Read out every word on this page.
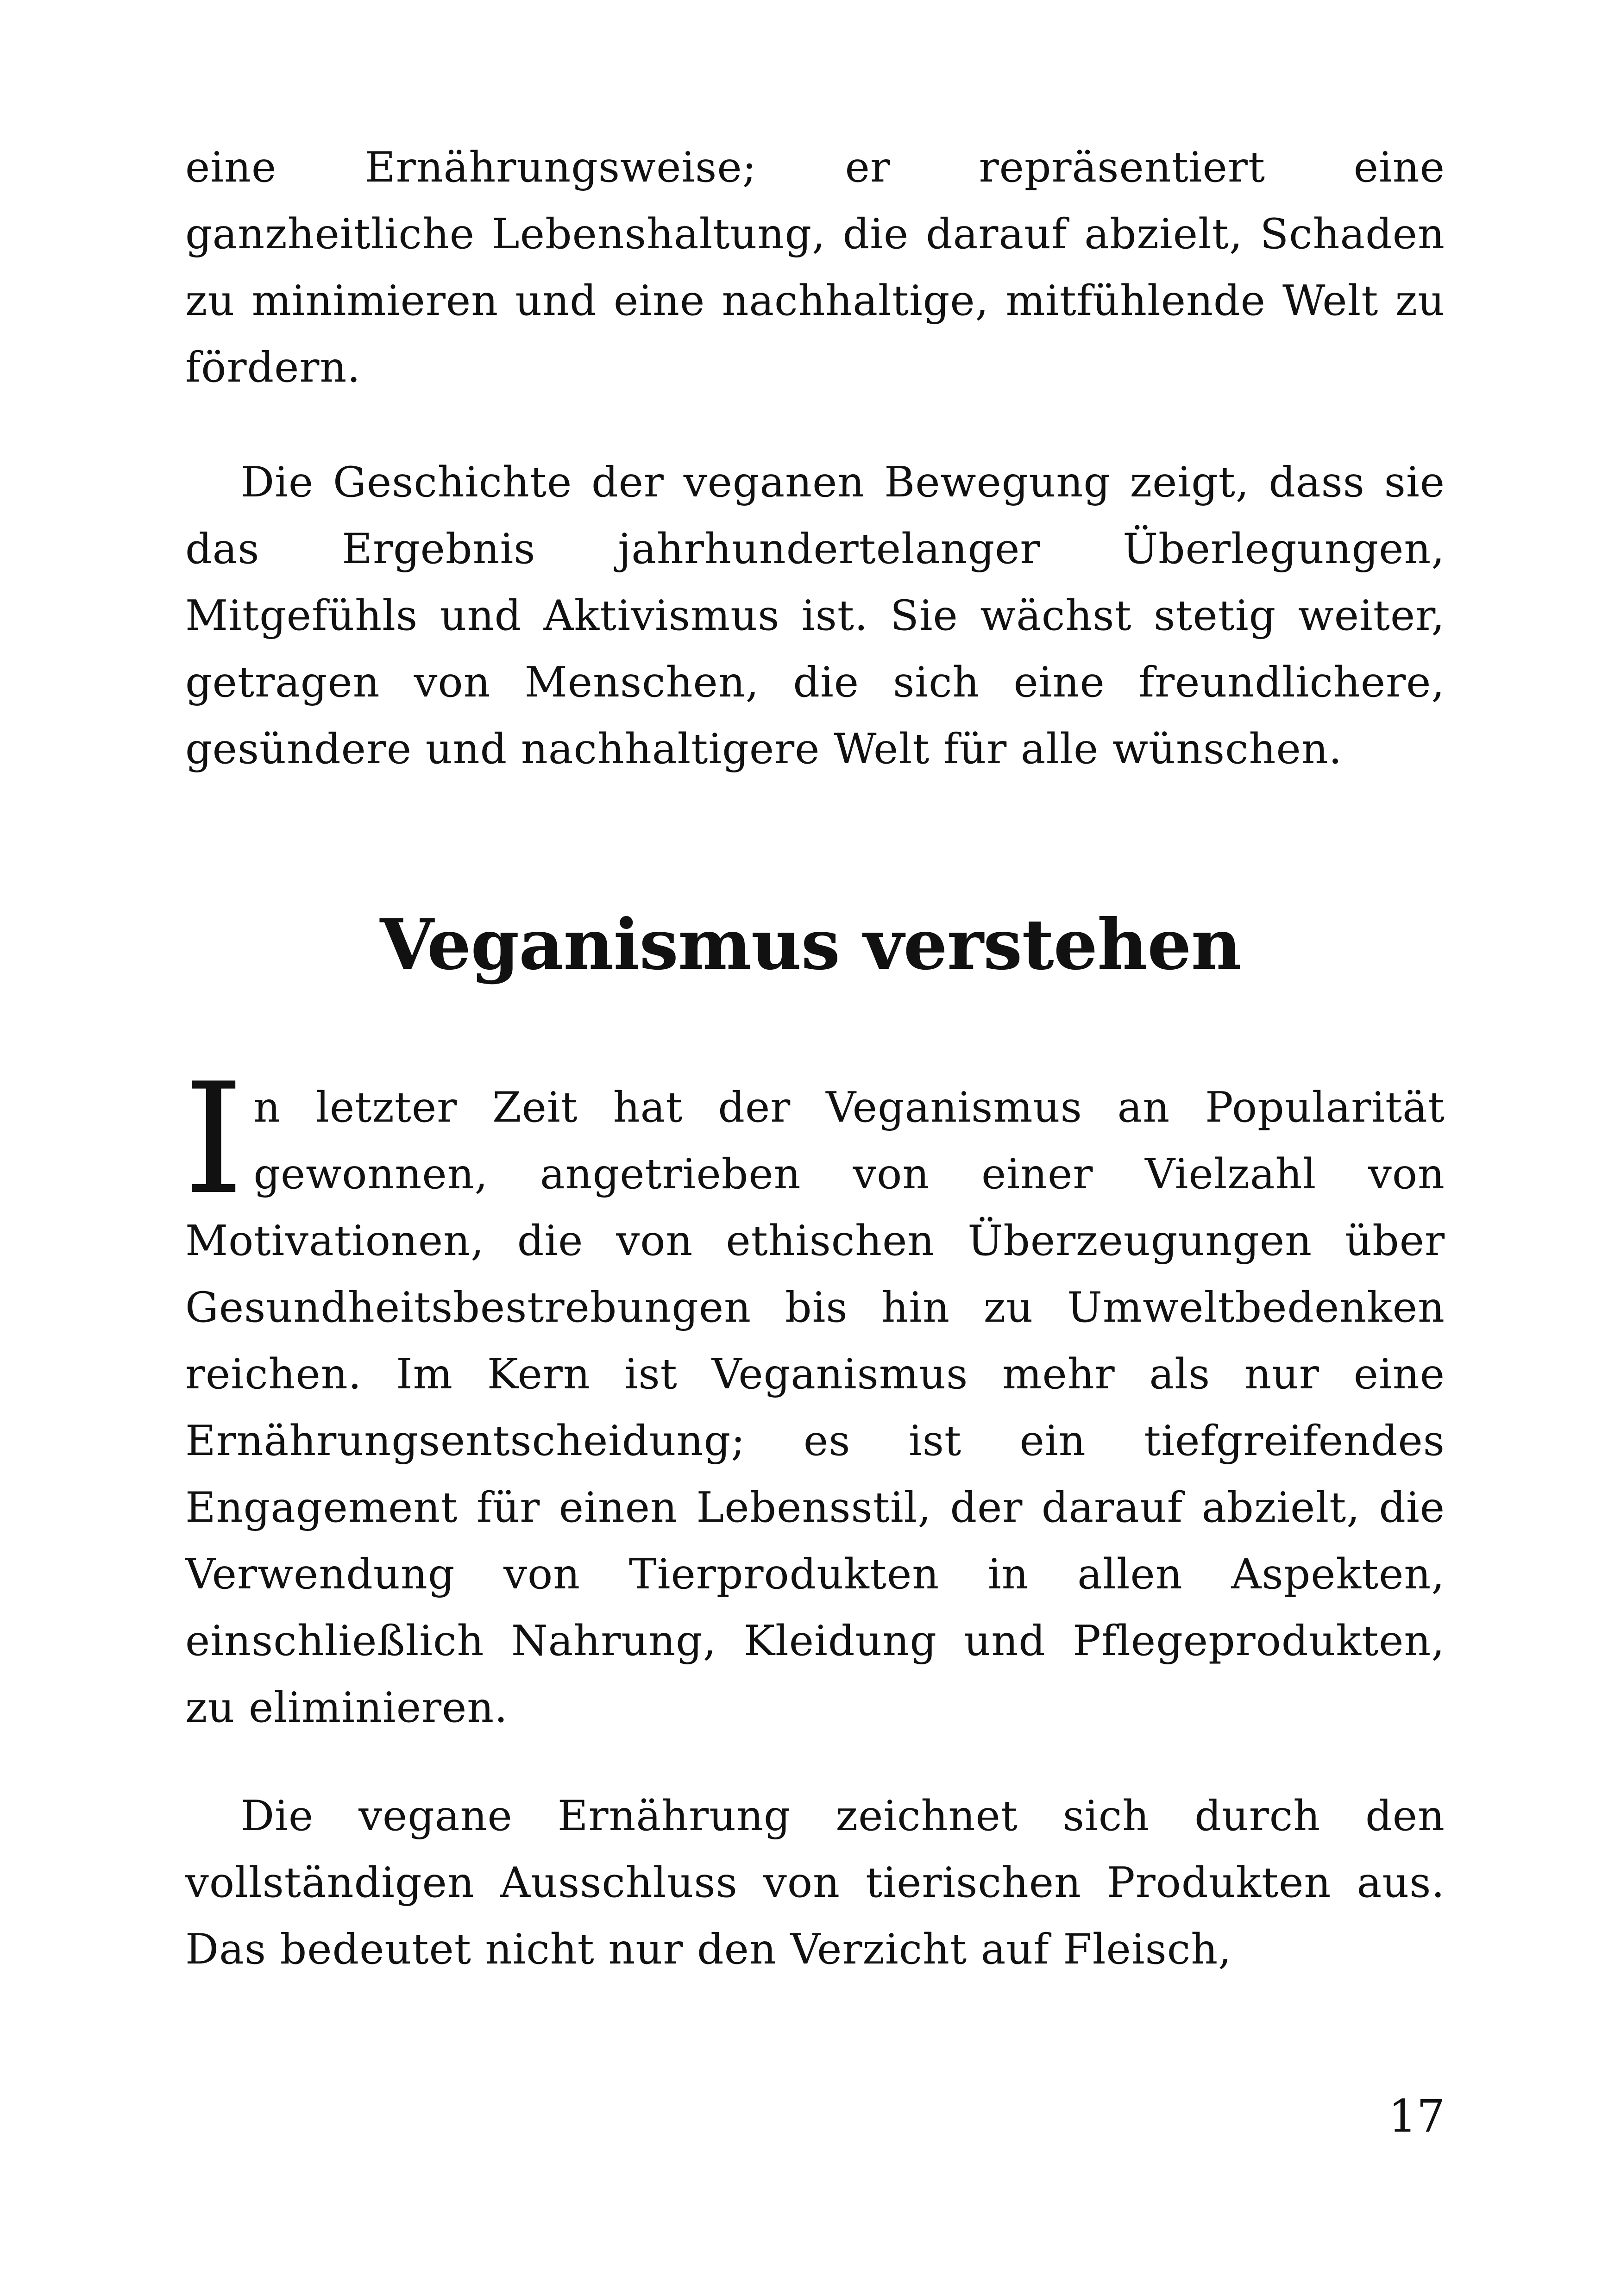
eine Ernährungsweise; er repräsentiert eine ganzheitliche Lebenshaltung, die darauf abzielt, Schaden zu minimieren und eine nachhaltige, mitfühlende Welt zu fördern.

Die Geschichte der veganen Bewegung zeigt, dass sie das Ergebnis jahrhundertelanger Überlegungen, Mitgefühls und Aktivismus ist. Sie wächst stetig weiter, getragen von Menschen, die sich eine freundlichere, gesündere und nachhaltigere Welt für alle wünschen.

Veganismus verstehen
In letzter Zeit hat der Veganismus an Popularität gewonnen, angetrieben von einer Vielzahl von Motivationen, die von ethischen Überzeugungen über Gesundheitsbestrebungen bis hin zu Umweltbedenken reichen. Im Kern ist Veganismus mehr als nur eine Ernährungsentscheidung; es ist ein tiefgreifendes Engagement für einen Lebensstil, der darauf abzielt, die Verwendung von Tierprodukten in allen Aspekten, einschließlich Nahrung, Kleidung und Pflegeprodukten, zu eliminieren.

Die vegane Ernährung zeichnet sich durch den vollständigen Ausschluss von tierischen Produkten aus. Das bedeutet nicht nur den Verzicht auf Fleisch,

17
